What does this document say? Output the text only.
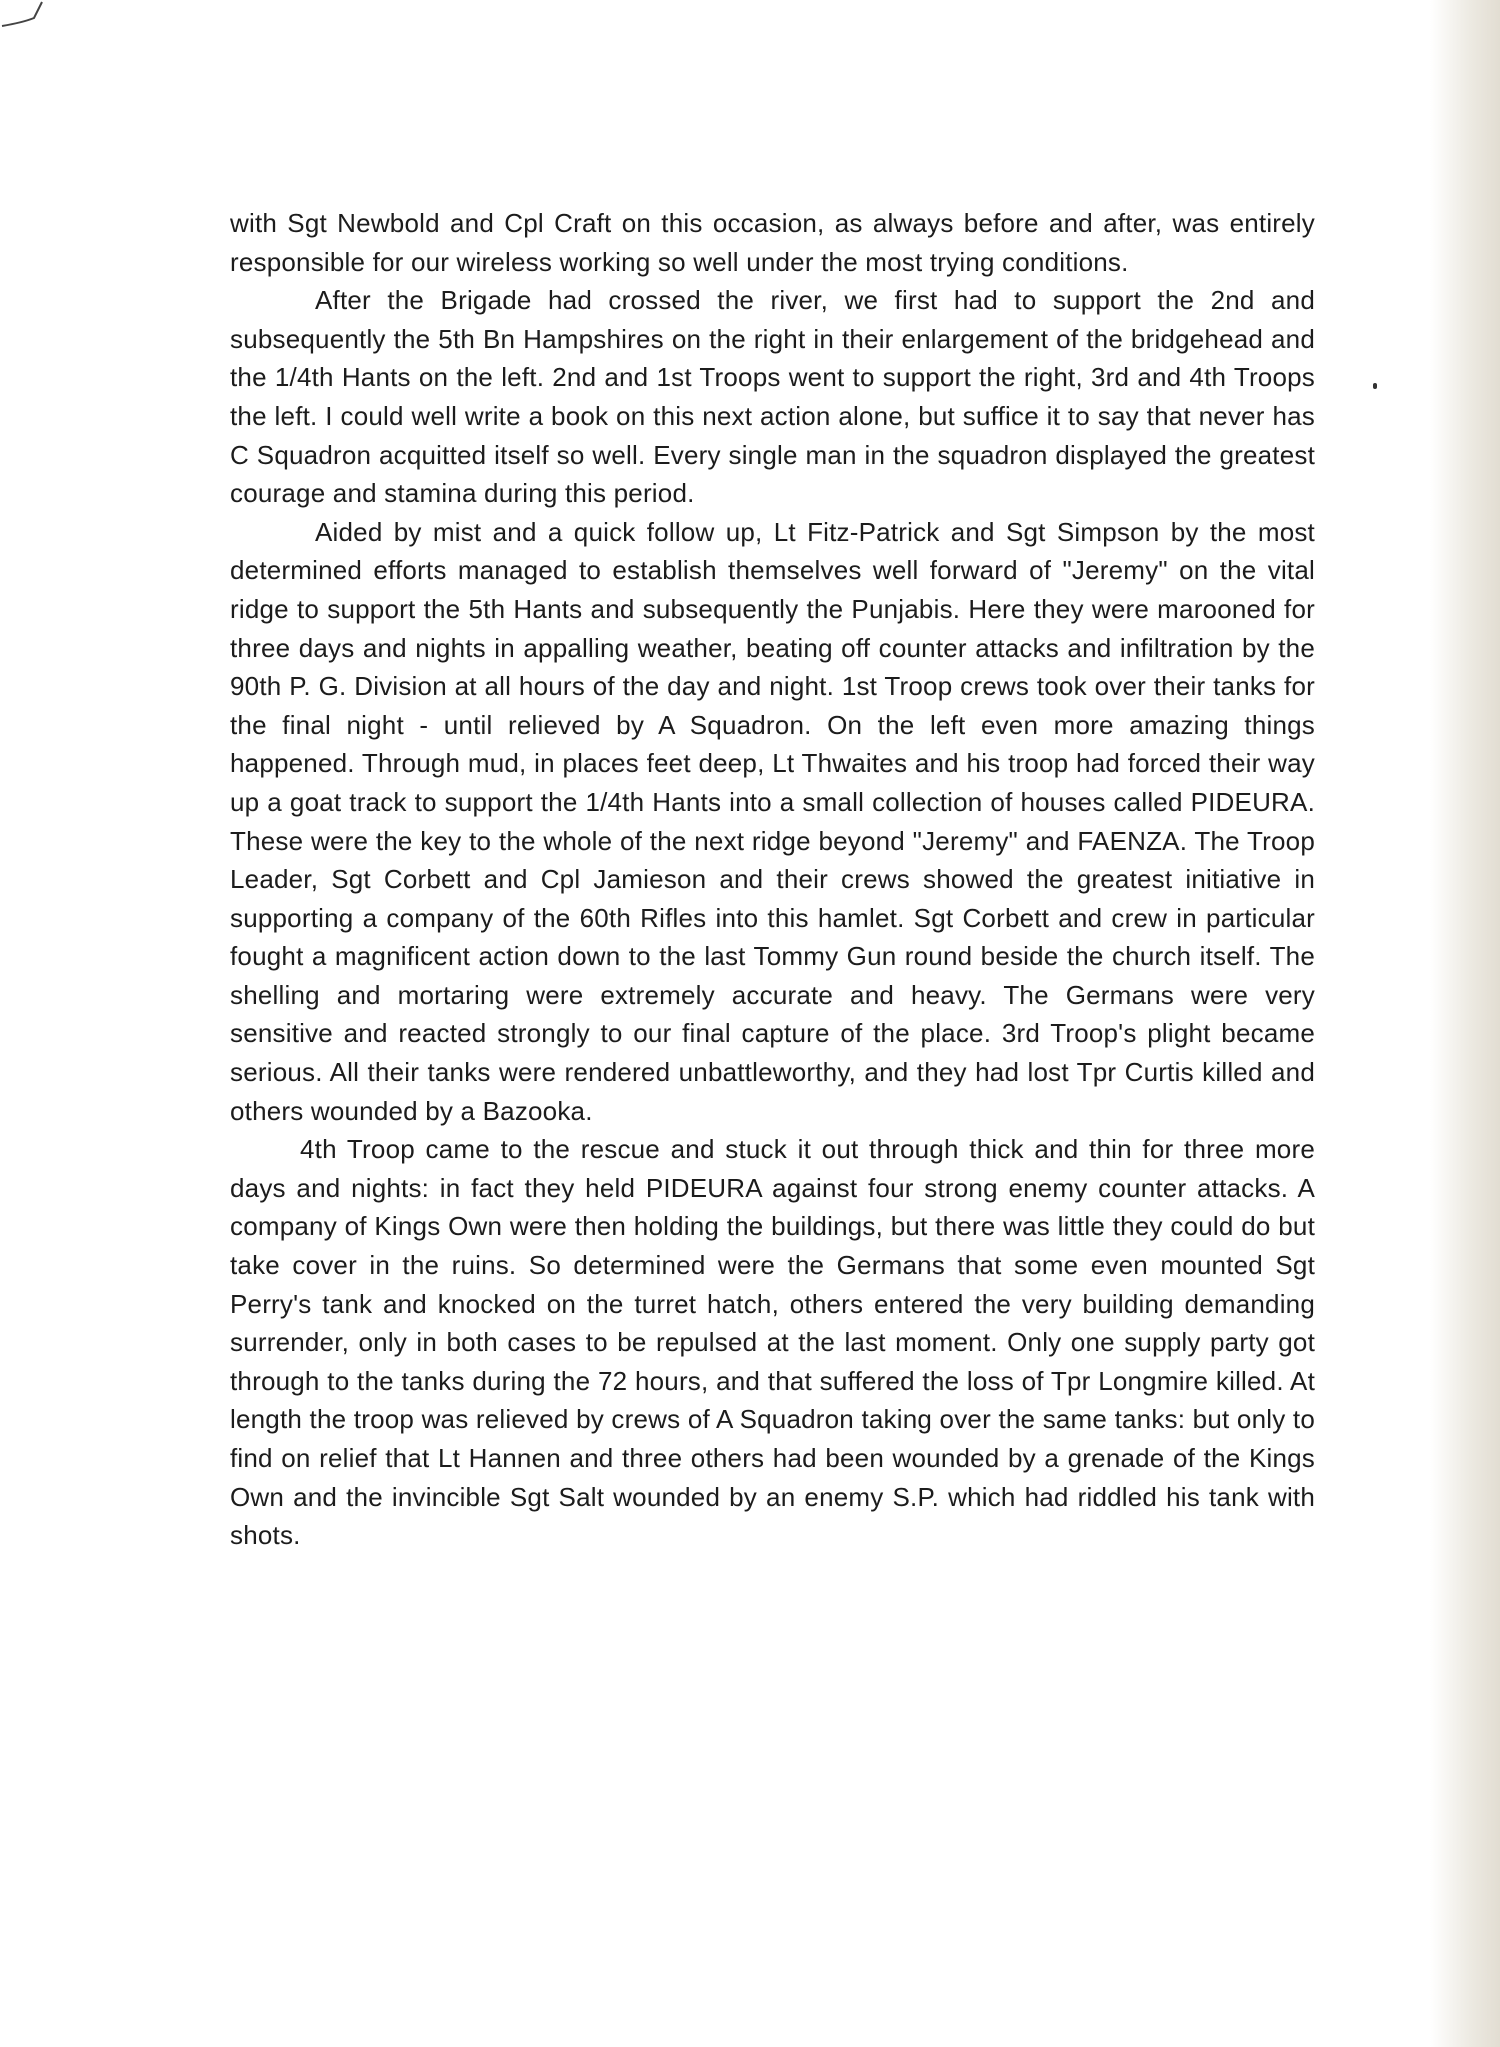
with Sgt Newbold and Cpl Craft on this occasion, as always before and after, was entirely responsible for our wireless working so well under the most trying conditions.

After the Brigade had crossed the river, we first had to support the 2nd and subsequently the 5th Bn Hampshires on the right in their enlargement of the bridgehead and the 1/4th Hants on the left. 2nd and 1st Troops went to support the right, 3rd and 4th Troops the left. I could well write a book on this next action alone, but suffice it to say that never has C Squadron acquitted itself so well. Every single man in the squadron displayed the greatest courage and stamina during this period.

Aided by mist and a quick follow up, Lt Fitz-Patrick and Sgt Simpson by the most determined efforts managed to establish themselves well forward of "Jeremy" on the vital ridge to support the 5th Hants and subsequently the Punjabis. Here they were marooned for three days and nights in appalling weather, beating off counter attacks and infiltration by the 90th P. G. Division at all hours of the day and night. 1st Troop crews took over their tanks for the final night - until relieved by A Squadron. On the left even more amazing things happened. Through mud, in places feet deep, Lt Thwaites and his troop had forced their way up a goat track to support the 1/4th Hants into a small collection of houses called PIDEURA. These were the key to the whole of the next ridge beyond "Jeremy" and FAENZA. The Troop Leader, Sgt Corbett and Cpl Jamieson and their crews showed the greatest initiative in supporting a company of the 60th Rifles into this hamlet. Sgt Corbett and crew in particular fought a magnificent action down to the last Tommy Gun round beside the church itself. The shelling and mortaring were extremely accurate and heavy. The Germans were very sensitive and reacted strongly to our final capture of the place. 3rd Troop's plight became serious. All their tanks were rendered unbattleworthy, and they had lost Tpr Curtis killed and others wounded by a Bazooka.

4th Troop came to the rescue and stuck it out through thick and thin for three more days and nights: in fact they held PIDEURA against four strong enemy counter attacks. A company of Kings Own were then holding the buildings, but there was little they could do but take cover in the ruins. So determined were the Germans that some even mounted Sgt Perry's tank and knocked on the turret hatch, others entered the very building demanding surrender, only in both cases to be repulsed at the last moment. Only one supply party got through to the tanks during the 72 hours, and that suffered the loss of Tpr Longmire killed. At length the troop was relieved by crews of A Squadron taking over the same tanks: but only to find on relief that Lt Hannen and three others had been wounded by a grenade of the Kings Own and the invincible Sgt Salt wounded by an enemy S.P. which had riddled his tank with shots.
